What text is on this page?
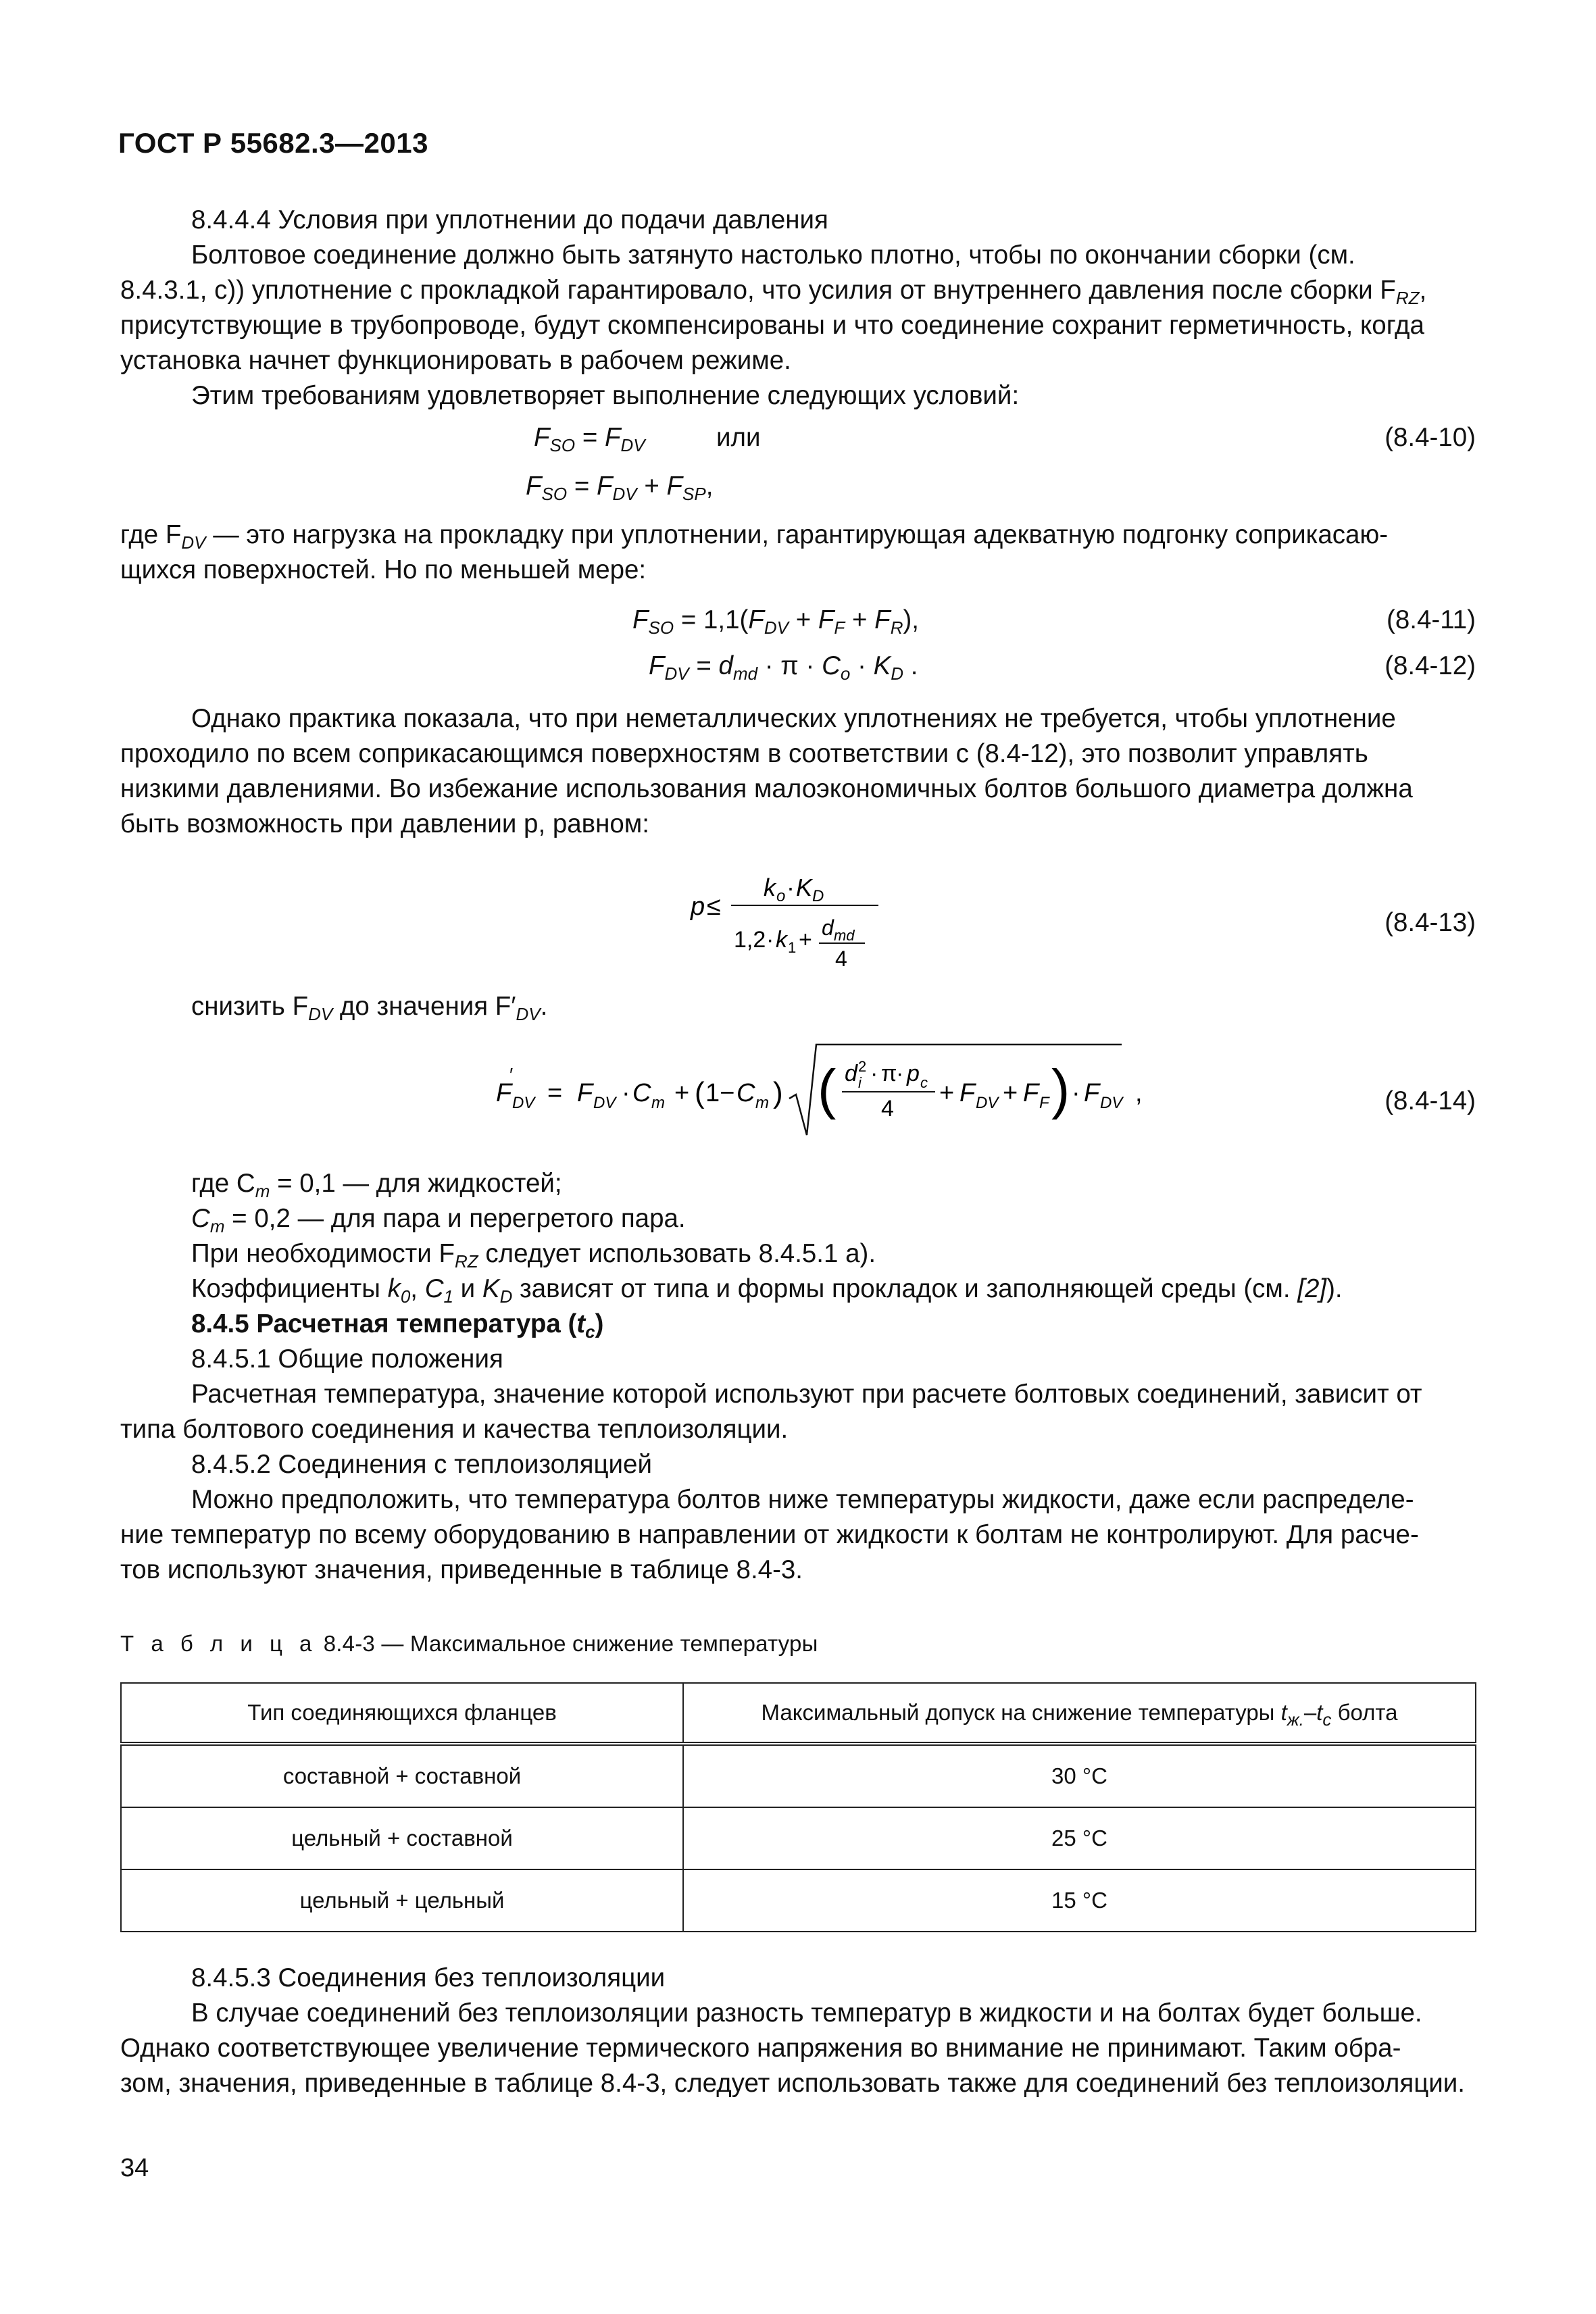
ГОСТ Р 55682.3—2013
8.4.4.4 Условия при уплотнении до подачи давления
Болтовое соединение должно быть затянуто настолько плотно, чтобы по окончании сборки (см.
8.4.3.1, с)) уплотнение с прокладкой гарантировало, что усилия от внутреннего давления после сборки $F_{RZ}$,
присутствующие в трубопроводе, будут скомпенсированы и что соединение сохранит герметичность, когда
установка начнет функционировать в рабочем режиме.
Этим требованиям удовлетворяет выполнение следующих условий:
$F_{SO} = F_{DV}$	или	(8.4-10)
$F_{SO} = F_{DV} + F_{SP}$,
где $F_{DV}$ — это нагрузка на прокладку при уплотнении, гарантирующая адекватную подгонку соприкасаю-
щихся поверхностей. Но по меньшей мере:
$F_{SO} = 1,1(F_{DV} + F_F + F_R)$,	(8.4-11)
$F_{DV} = d_{md} \cdot \pi \cdot C_o \cdot K_D$ .	(8.4-12)
Однако практика показала, что при неметаллических уплотнениях не требуется, чтобы уплотнение
проходило по всем соприкасающимся поверхностям в соответствии с (8.4-12), это позволит управлять
низкими давлениями. Во избежание использования малоэкономичных болтов большого диаметра должна
быть возможность при давлении p, равном:
p ≤
k o · K D
1,2 · k 1 + d md
4
(8.4-13)
снизить $F_{DV}$ до значения $F'_{DV}$.
F
′
DV = F DV · C m + ( 1− C m ) ( d 2
i · π
· p c
4
+ F DV + F F ) · F DV ,	(8.4-14)
где $C_m = 0,1$ — для жидкостей;
$C_m = 0,2$ — для пара и перегретого пара.
При необходимости $F_{RZ}$ следует использовать 8.4.5.1 а).
Коэффициенты $k_0$, $C_1$ и $K_D$ зависят от типа и формы прокладок и заполняющей среды (см. [2]).
8.4.5 Расчетная температура $(t_c)$
8.4.5.1 Общие положения
Расчетная температура, значение которой используют при расчете болтовых соединений, зависит от
типа болтового соединения и качества теплоизоляции.
8.4.5.2 Соединения с теплоизоляцией
Можно предположить, что температура болтов ниже температуры жидкости, даже если распределе-
ние температур по всему оборудованию в направлении от жидкости к болтам не контролируют. Для расче-
тов используют значения, приведенные в таблице 8.4-3.
Т а б л и ц а 8.4-3 — Максимальное снижение температуры
Тип соединяющихся фланцев	Максимальный допуск на снижение температуры $t_{ж.}-t_c$ болта
составной + составной	30 °C
цельный + составной	25 °C
цельный + цельный	15 °C
8.4.5.3 Соединения без теплоизоляции
В случае соединений без теплоизоляции разность температур в жидкости и на болтах будет больше.
Однако соответствующее увеличение термического напряжения во внимание не принимают. Таким обра-
зом, значения, приведенные в таблице 8.4-3, следует использовать также для соединений без теплоизоляции.
34
